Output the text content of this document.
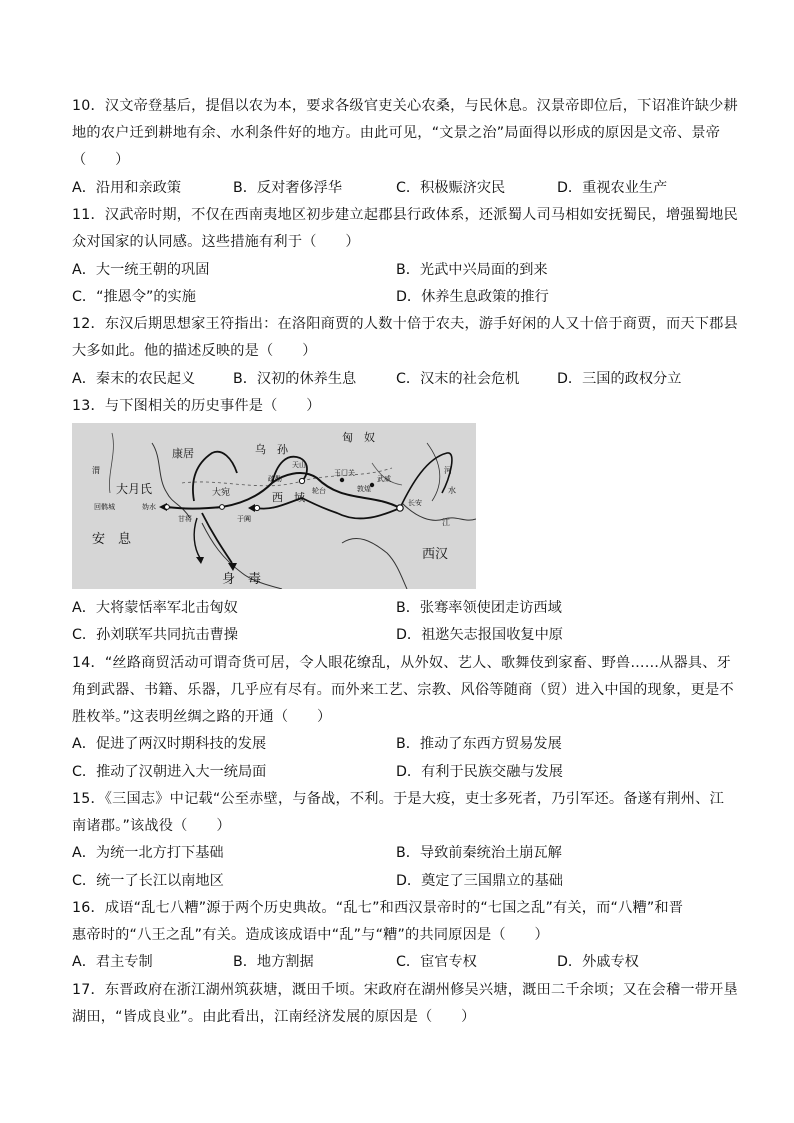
10．汉文帝登基后，提倡以农为本，要求各级官吏关心农桑，与民休息。汉景帝即位后，下诏准许缺少耕
地的农户迁到耕地有余、水利条件好的地方。由此可见，“文景之治”局面得以形成的原因是文帝、景帝
（　　）
A．沿用和亲政策	B．反对奢侈浮华	C．积极赈济灾民	D．重视农业生产
11．汉武帝时期，不仅在西南夷地区初步建立起郡县行政体系，还派蜀人司马相如安抚蜀民，增强蜀地民
众对国家的认同感。这些措施有利于（　　）
A．大一统王朝的巩固	B．光武中兴局面的到来
C．“推恩令”的实施	D．休养生息政策的推行
12．东汉后期思想家王符指出：在洛阳商贾的人数十倍于农夫，游手好闲的人又十倍于商贾，而天下郡县
大多如此。他的描述反映的是（　　）
A．秦末的农民起义	B．汉初的休养生息	C．汉末的社会危机	D．三国的政权分立
13．与下图相关的历史事件是（　　）
匈　奴
乌　孙
康居
大宛
大月氏
安　息
身　毒
西　域
西汉
渭	河
水
江
玉门关
敦煌
武威
长安
于阗
疏勒
妫水
甘将
回鹘城
天山
轮台
A．大将蒙恬率军北击匈奴	B．张骞率领使团走访西域
C．孙刘联军共同抗击曹操	D．祖逖矢志报国收复中原
14．“丝路商贸活动可谓奇货可居，令人眼花缭乱，从外奴、艺人、歌舞伎到家畜、野兽……从器具、牙
角到武器、书籍、乐器，几乎应有尽有。而外来工艺、宗教、风俗等随商（贸）进入中国的现象，更是不
胜枚举。”这表明丝绸之路的开通（　　）
A．促进了两汉时期科技的发展	B．推动了东西方贸易发展
C．推动了汉朝进入大一统局面	D．有利于民族交融与发展
15．《三国志》中记载“公至赤壁，与备战，不利。于是大疫，吏士多死者，乃引军还。备遂有荆州、江
南诸郡。”该战役（　　）
A．为统一北方打下基础	B．导致前秦统治土崩瓦解
C．统一了长江以南地区	D．奠定了三国鼎立的基础
16．成语“乱七八糟”源于两个历史典故。“乱七”和西汉景帝时的“七国之乱”有关，而“八糟”和晋
惠帝时的“八王之乱”有关。造成该成语中“乱”与“糟”的共同原因是（　　）
A．君主专制	B．地方割据	C．宦官专权	D．外戚专权
17．东晋政府在浙江湖州筑荻塘，溉田千顷。宋政府在湖州修吴兴塘，溉田二千余顷；又在会稽一带开垦
湖田，“皆成良业”。由此看出，江南经济发展的原因是（　　）
